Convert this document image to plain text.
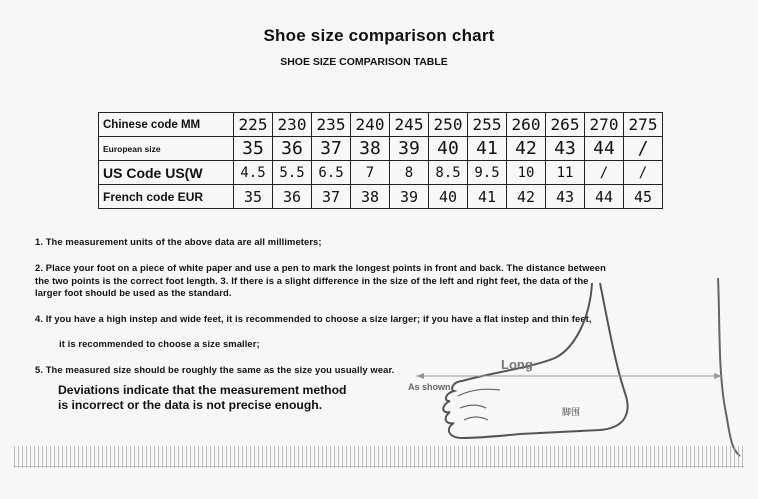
Shoe size comparison chart
SHOE SIZE COMPARISON TABLE
Chinese code MM	225	230	235	240	245	250	255	260	265	270	275
European size	35	36	37	38	39	40	41	42	43	44	/
US Code US(W	4.5	5.5	6.5	7	8	8.5	9.5	10	11	/	/
French code EUR	35	36	37	38	39	40	41	42	43	44	45
1. The measurement units of the above data are all millimeters;
2. Place your foot on a piece of white paper and use a pen to mark the longest points in front and back. The distance between the two points is the correct foot length. 3. If there is a slight difference in the size of the left and right feet, the data of the larger foot should be used as the standard.
4. If you have a high instep and wide feet, it is recommended to choose a size larger; if you have a flat instep and thin feet,
it is recommended to choose a size smaller;
5. The measured size should be roughly the same as the size you usually wear.
Deviations indicate that the measurement method
is incorrect or the data is not precise enough.
Long
As shown
脚围
